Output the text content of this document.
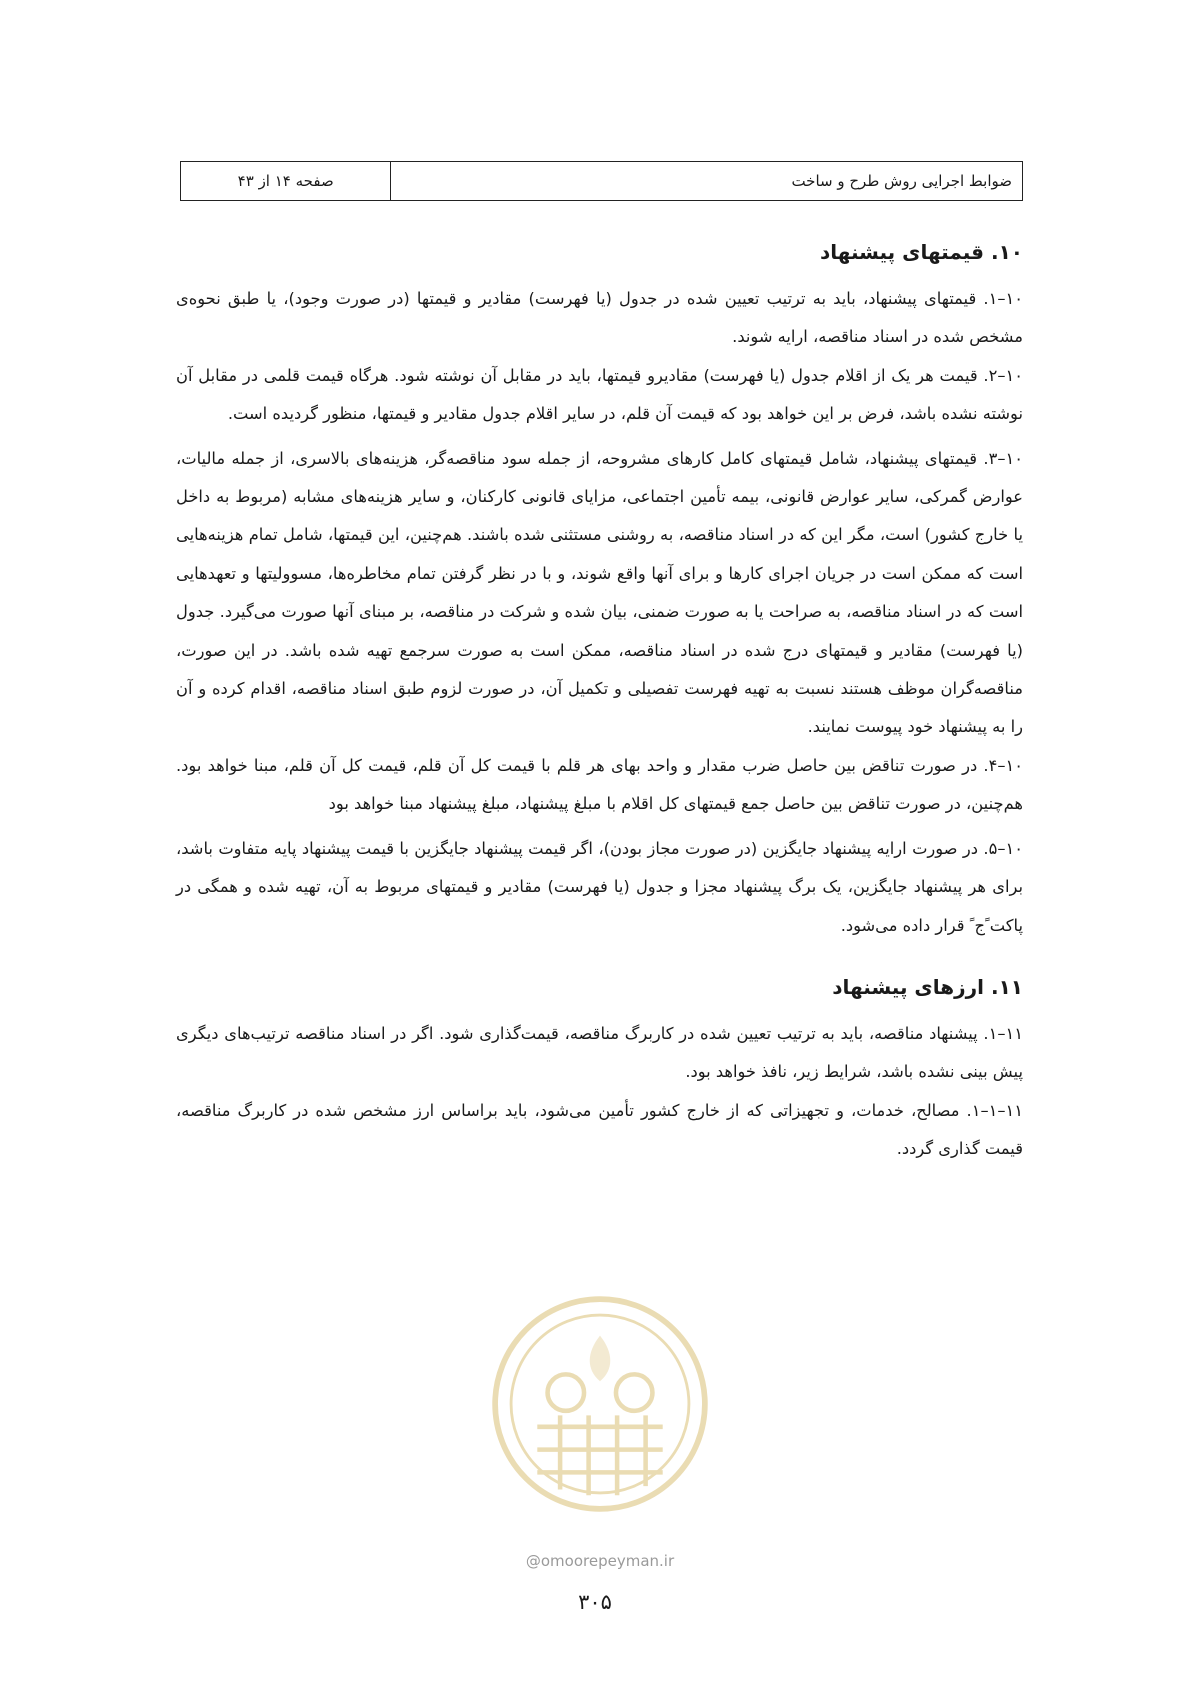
ضوابط اجرایی روش طرح و ساخت	صفحه ۱۴ از ۴۳
۱۰. قیمتهای پیشنهاد

۱۰–۱. قیمتهای پیشنهاد، باید به ترتیب تعیین شده در جدول (یا فهرست) مقادیر و قیمتها (در صورت وجود)، یا طبق نحوه‌ی مشخص شده در اسناد مناقصه، ارایه شوند.

۱۰–۲. قیمت هر یک از اقلام جدول (یا فهرست) مقادیرو قیمتها، باید در مقابل آن نوشته شود. هرگاه قیمت قلمی در مقابل آن نوشته نشده باشد، فرض بر این خواهد بود که قیمت آن قلم، در سایر اقلام جدول مقادیر و قیمتها، منظور گردیده است.

۱۰–۳. قیمتهای پیشنهاد، شامل قیمتهای کامل کارهای مشروحه، از جمله سود مناقصه‌گر، هزینه‌های بالاسری، از جمله مالیات، عوارض گمرکی، سایر عوارض قانونی، بیمه تأمین اجتماعی، مزایای قانونی کارکنان، و سایر هزینه‌های مشابه (مربوط به داخل یا خارج کشور) است، مگر این که در اسناد مناقصه، به روشنی مستثنی شده باشند. هم‌چنین، این قیمتها، شامل تمام هزینه‌هایی است که ممکن است در جریان اجرای کارها و برای آنها واقع شوند، و با در نظر گرفتن تمام مخاطره‌ها، مسوولیتها و تعهدهایی است که در اسناد مناقصه، به صراحت یا به صورت ضمنی، بیان شده و شرکت در مناقصه، بر مبنای آنها صورت می‌گیرد. جدول (یا فهرست) مقادیر و قیمتهای درج شده در اسناد مناقصه، ممکن است به صورت سرجمع تهیه شده باشد. در این صورت، مناقصه‌گران موظف هستند نسبت به تهیه فهرست تفصیلی و تکمیل آن، در صورت لزوم طبق اسناد مناقصه، اقدام کرده و آن را به پیشنهاد خود پیوست نمایند.

۱۰–۴. در صورت تناقض بین حاصل ضرب مقدار و واحد بهای هر قلم با قیمت کل آن قلم، قیمت کل آن قلم، مبنا خواهد بود. هم‌چنین، در صورت تناقض بین حاصل جمع قیمتهای کل اقلام با مبلغ پیشنهاد، مبلغ پیشنهاد مبنا خواهد بود

۱۰–۵. در صورت ارایه پیشنهاد جایگزین (در صورت مجاز بودن)، اگر قیمت پیشنهاد جایگزین با قیمت پیشنهاد پایه متفاوت باشد، برای هر پیشنهاد جایگزین، یک برگ پیشنهاد مجزا و جدول (یا فهرست) مقادیر و قیمتهای مربوط به آن، تهیه شده و همگی در پاکت ًج ً قرار داده می‌شود.

۱۱. ارزهای پیشنهاد

۱۱–۱. پیشنهاد مناقصه، باید به ترتیب تعیین شده در کاربرگ مناقصه، قیمت‌گذاری شود. اگر در اسناد مناقصه ترتیب‌های دیگری پیش بینی نشده باشد، شرایط زیر، نافذ خواهد بود.

۱۱–۱–۱. مصالح، خدمات، و تجهیزاتی که از خارج کشور تأمین می‌شود، باید براساس ارز مشخص شده در کاربرگ مناقصه، قیمت گذاری گردد.

@omoorepeyman.ir
۳۰۵
